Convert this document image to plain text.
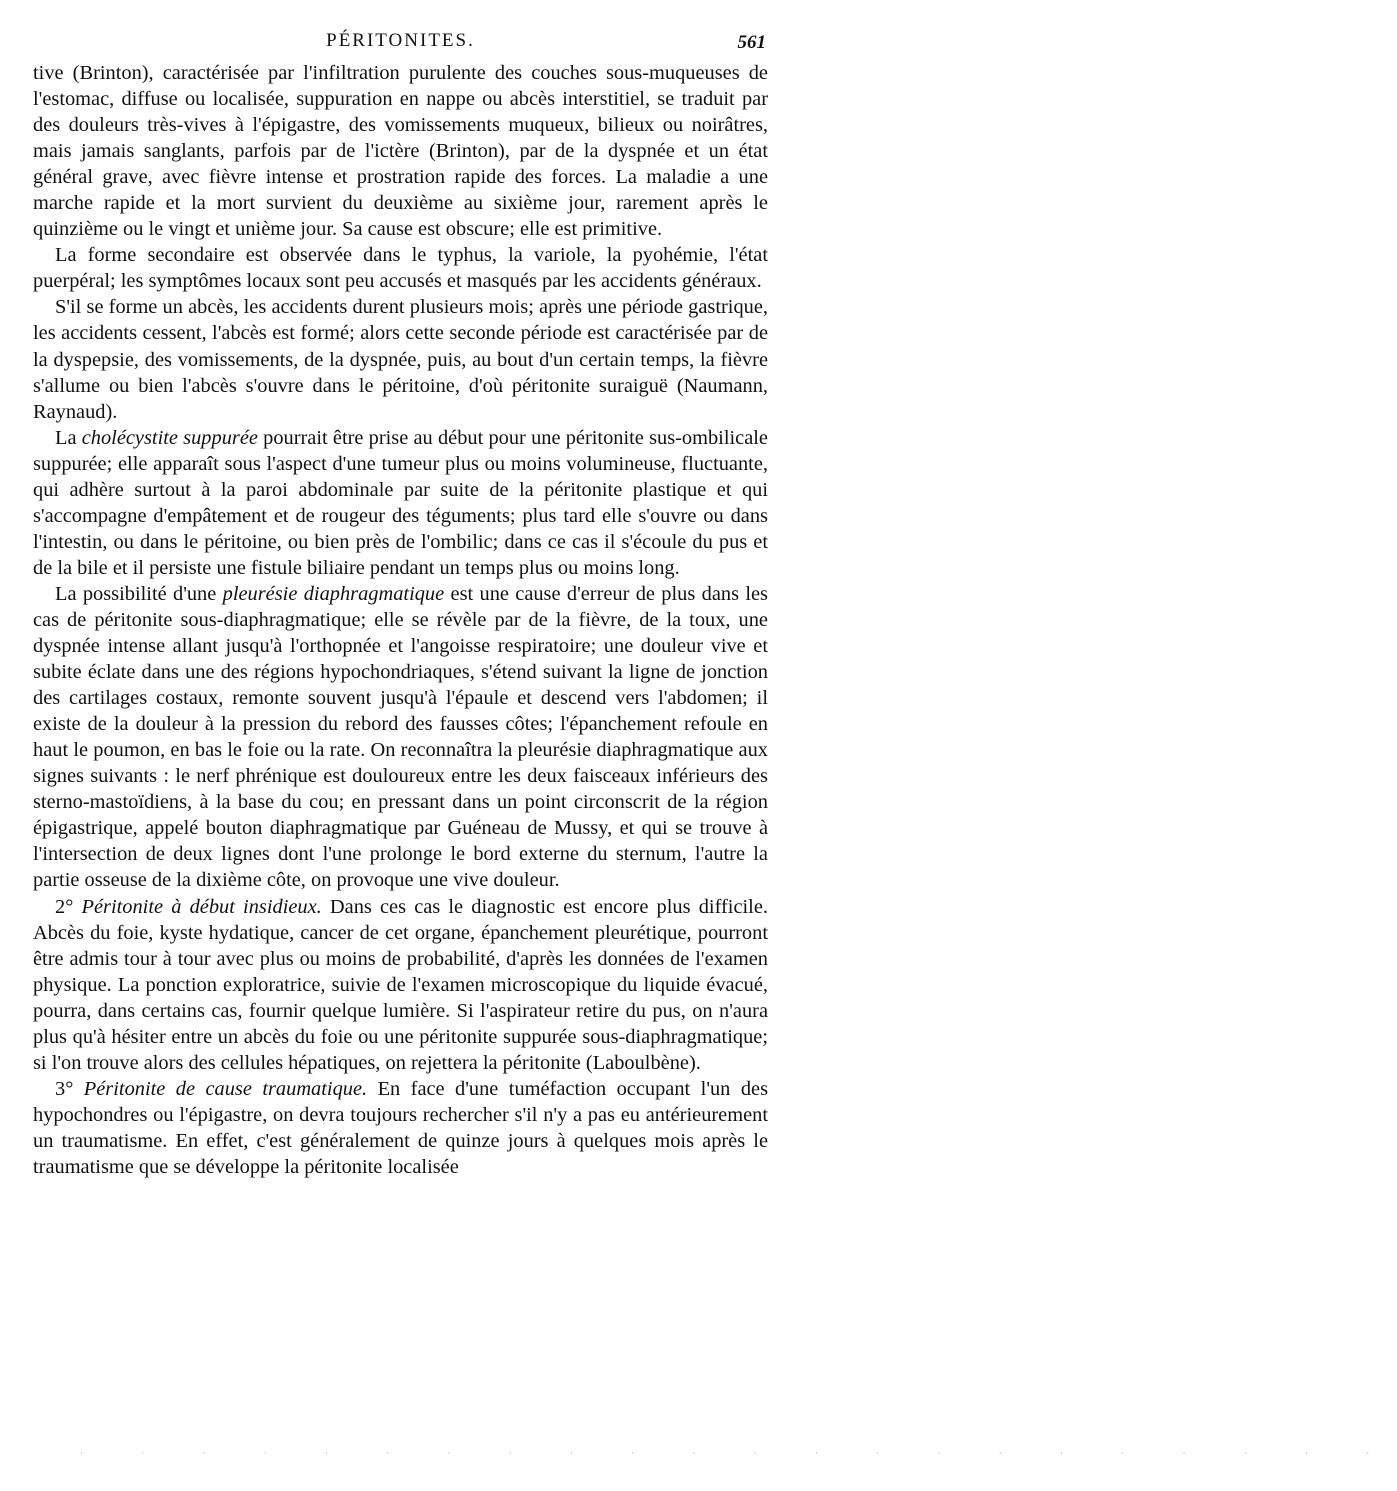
PÉRITONITES.	561

tive (Brinton), caractérisée par l'infiltration purulente des couches sous-muqueuses de l'estomac, diffuse ou localisée, suppuration en nappe ou abcès interstitiel, se traduit par des douleurs très-vives à l'épigastre, des vomissements muqueux, bilieux ou noirâtres, mais jamais sanglants, parfois par de l'ictère (Brinton), par de la dyspnée et un état général grave, avec fièvre intense et prostration rapide des forces. La maladie a une marche rapide et la mort survient du deuxième au sixième jour, rarement après le quinzième ou le vingt et unième jour. Sa cause est obscure; elle est primitive.

La forme secondaire est observée dans le typhus, la variole, la pyohémie, l'état puerpéral; les symptômes locaux sont peu accusés et masqués par les accidents généraux.

S'il se forme un abcès, les accidents durent plusieurs mois; après une période gastrique, les accidents cessent, l'abcès est formé; alors cette seconde période est caractérisée par de la dyspepsie, des vomissements, de la dyspnée, puis, au bout d'un certain temps, la fièvre s'allume ou bien l'abcès s'ouvre dans le péritoine, d'où péritonite suraiguë (Naumann, Raynaud).

La cholécystite suppurée pourrait être prise au début pour une péritonite sus-ombilicale suppurée; elle apparaît sous l'aspect d'une tumeur plus ou moins volumineuse, fluctuante, qui adhère surtout à la paroi abdominale par suite de la péritonite plastique et qui s'accompagne d'empâtement et de rougeur des téguments; plus tard elle s'ouvre ou dans l'intestin, ou dans le péritoine, ou bien près de l'ombilic; dans ce cas il s'écoule du pus et de la bile et il persiste une fistule biliaire pendant un temps plus ou moins long.

La possibilité d'une pleurésie diaphragmatique est une cause d'erreur de plus dans les cas de péritonite sous-diaphragmatique; elle se révèle par de la fièvre, de la toux, une dyspnée intense allant jusqu'à l'orthopnée et l'angoisse respiratoire; une douleur vive et subite éclate dans une des régions hypochondriaques, s'étend suivant la ligne de jonction des cartilages costaux, remonte souvent jusqu'à l'épaule et descend vers l'abdomen; il existe de la douleur à la pression du rebord des fausses côtes; l'épanchement refoule en haut le poumon, en bas le foie ou la rate. On reconnaîtra la pleurésie diaphragmatique aux signes suivants : le nerf phrénique est douloureux entre les deux faisceaux inférieurs des sterno-mastoïdiens, à la base du cou; en pressant dans un point circonscrit de la région épigastrique, appelé bouton diaphragmatique par Guéneau de Mussy, et qui se trouve à l'intersection de deux lignes dont l'une prolonge le bord externe du sternum, l'autre la partie osseuse de la dixième côte, on provoque une vive douleur.

2° Péritonite à début insidieux. Dans ces cas le diagnostic est encore plus difficile. Abcès du foie, kyste hydatique, cancer de cet organe, épanchement pleurétique, pourront être admis tour à tour avec plus ou moins de probabilité, d'après les données de l'examen physique. La ponction exploratrice, suivie de l'examen microscopique du liquide évacué, pourra, dans certains cas, fournir quelque lumière. Si l'aspirateur retire du pus, on n'aura plus qu'à hésiter entre un abcès du foie ou une péritonite suppurée sous-diaphragmatique; si l'on trouve alors des cellules hépatiques, on rejettera la péritonite (Laboulbène).

3° Péritonite de cause traumatique. En face d'une tuméfaction occupant l'un des hypochondres ou l'épigastre, on devra toujours rechercher s'il n'y a pas eu antérieurement un traumatisme. En effet, c'est généralement de quinze jours à quelques mois après le traumatisme que se développe la péritonite localisée

· · · · · · · · · · · · · · · · · · · · · ·
